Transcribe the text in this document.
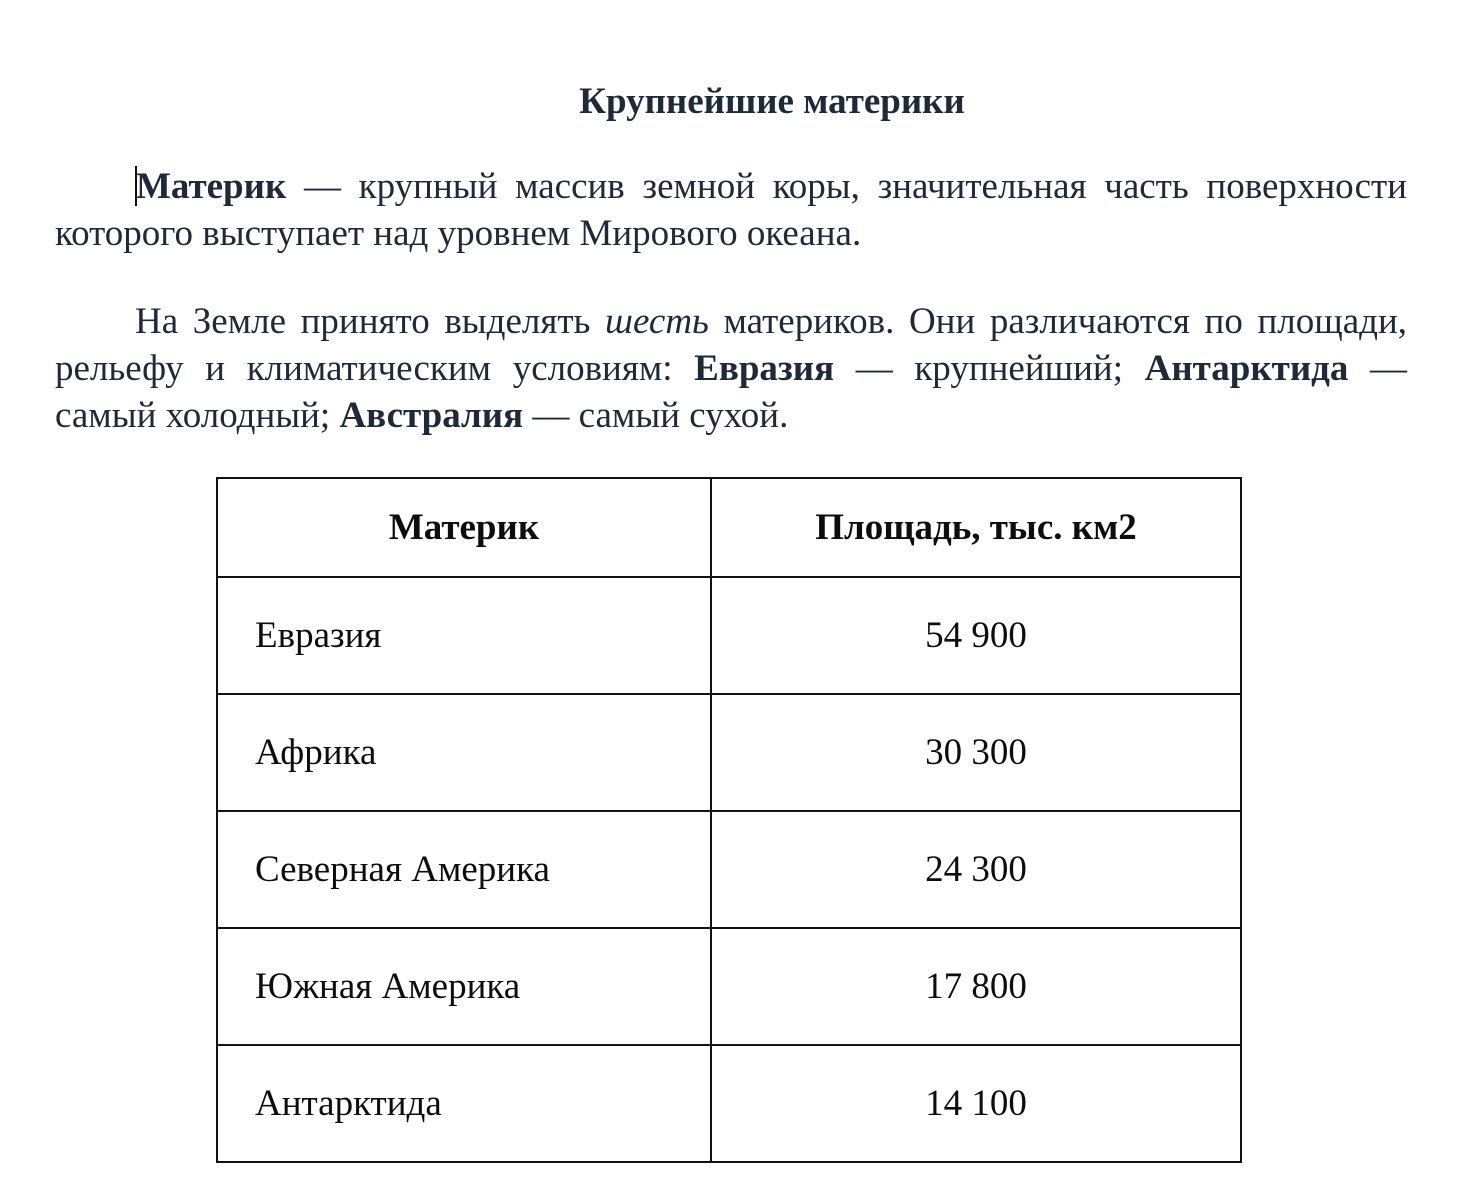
Крупнейшие материки

Материк — крупный массив земной коры, значительная часть поверхности которого выступает над уровнем Мирового океана.

На Земле принято выделять шесть материков. Они различаются по площади, рельефу и климатическим условиям: Евразия — крупнейший; Антарктида — самый холодный; Австралия — самый сухой.

Материк	Площадь, тыс. км2
Евразия	54 900
Африка	30 300
Северная Америка	24 300
Южная Америка	17 800
Антарктида	14 100
